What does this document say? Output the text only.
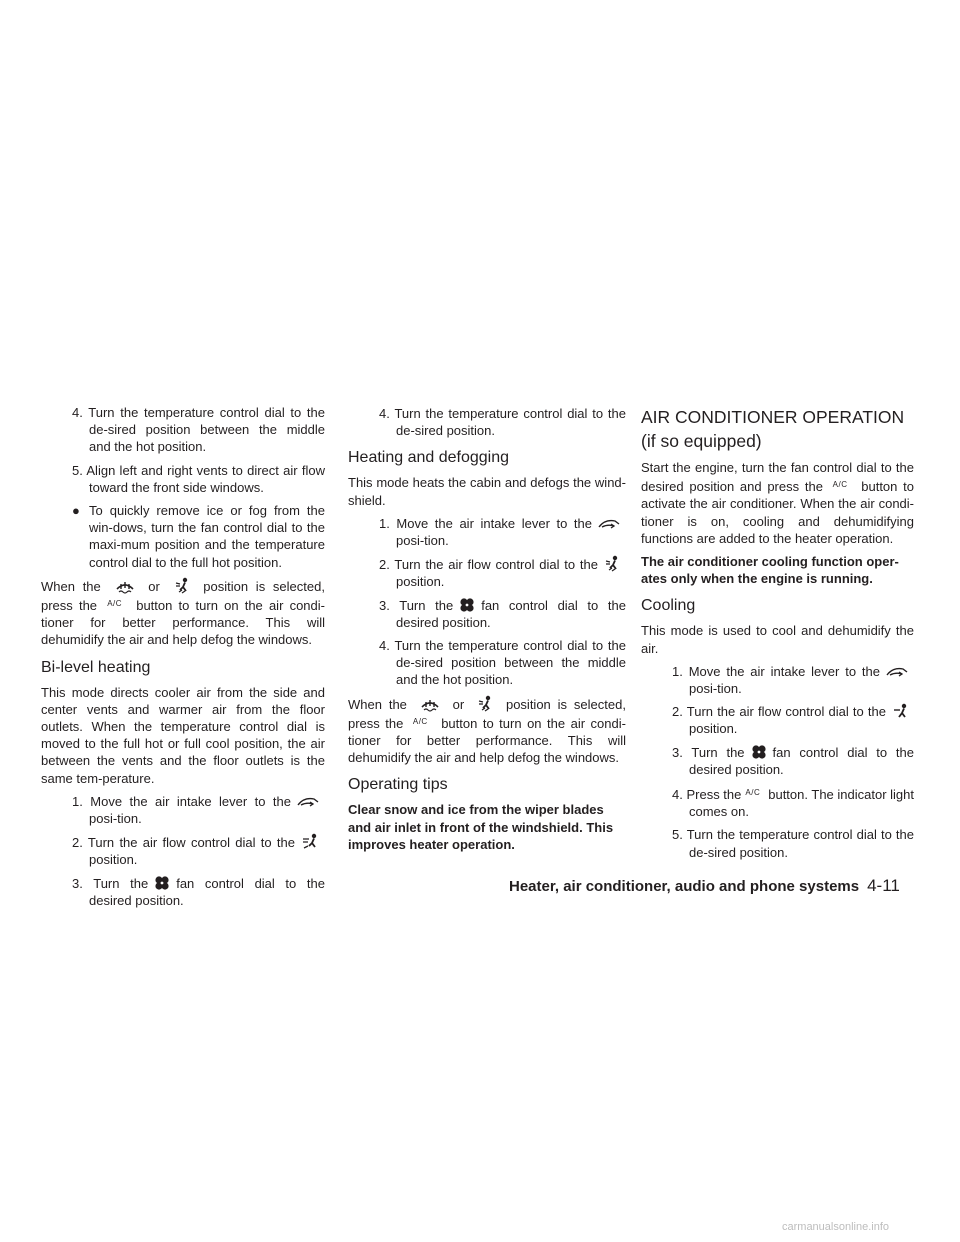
4. Turn the temperature control dial to the de-sired position between the middle and the hot position.
5. Align left and right vents to direct air flow toward the front side windows.
● To quickly remove ice or fog from the win-dows, turn the fan control dial to the maxi-mum position and the temperature control dial to the full hot position.

When the	or	position is selected, press the $^{A/C}$ button to turn on the air condi-tioner for better performance. This will dehumidify the air and help defog the windows.

Bi-level heating

This mode directs cooler air from the side and center vents and warmer air from the floor outlets. When the temperature control dial is moved to the full hot or full cool position, the air between the vents and the floor outlets is the same tem-perature.

1. Move the air intake lever to theposi-tion.
2. Turn the air flow control dial to theposition.
3. Turn the fan control dial to the desired position.
4. Turn the temperature control dial to the de-sired position.
Heating and defogging

This mode heats the cabin and defogs the wind-shield.

1. Move the air intake lever to theposi-tion.
2. Turn the air flow control dial to theposition.
3. Turn the fan control dial to the desired position.
4. Turn the temperature control dial to the de-sired position between the middle and the hot position.

When the	or	position is selected, press the $^{A/C}$ button to turn on the air condi-tioner for better performance. This will dehumidify the air and help defog the windows.

Operating tips

Clear snow and ice from the wiper blades and air inlet in front of the windshield. This improves heater operation.

AIR CONDITIONER OPERATION (if so equipped)

Start the engine, turn the fan control dial to the desired position and press the $^{A/C}$ button to activate the air conditioner. When the air condi-tioner is on, cooling and dehumidifying functions are added to the heater operation.

The air conditioner cooling function oper-ates only when the engine is running.

Cooling

This mode is used to cool and dehumidify the air.

1. Move the air intake lever to theposi-tion.
2. Turn the air flow control dial to theposition.
3. Turn the fan control dial to the desired position.
4. Press the $^{A/C}$ button. The indicator light comes on.
5. Turn the temperature control dial to the de-sired position.
Heater, air conditioner, audio and phone systems 4-11
carmanualsonline.info
